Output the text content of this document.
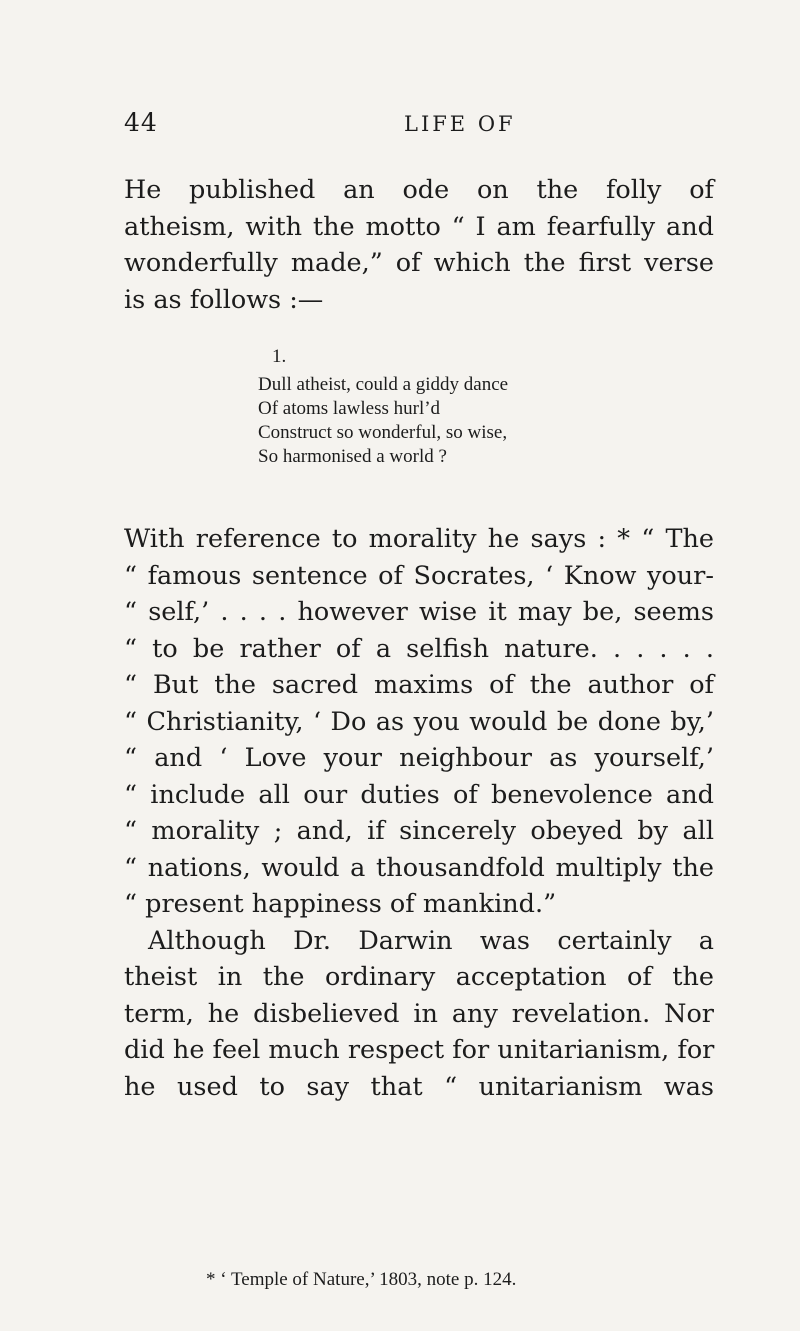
44	LIFE OF
He published an ode on the folly of
atheism, with the motto “ I am fearfully and
wonderfully made,” of which the first verse
is as follows :—
1.
Dull atheist, could a giddy dance
Of atoms lawless hurl’d
Construct so wonderful, so wise,
So harmonised a world ?
With reference to morality he says : * “ The
“ famous sentence of Socrates, ‘ Know your-
“ self,’ . . . . however wise it may be, seems
“ to be rather of a selfish nature. . . . . .
“ But the sacred maxims of the author of
“ Christianity, ‘ Do as you would be done by,’
“ and ‘ Love your neighbour as yourself,’
“ include all our duties of benevolence and
“ morality ; and, if sincerely obeyed by all
“ nations, would a thousandfold multiply the
“ present happiness of mankind.”
Although Dr. Darwin was certainly a
theist in the ordinary acceptation of the
term, he disbelieved in any revelation. Nor
did he feel much respect for unitarianism, for
he used to say that “ unitarianism was
* ‘ Temple of Nature,’ 1803, note p. 124.
